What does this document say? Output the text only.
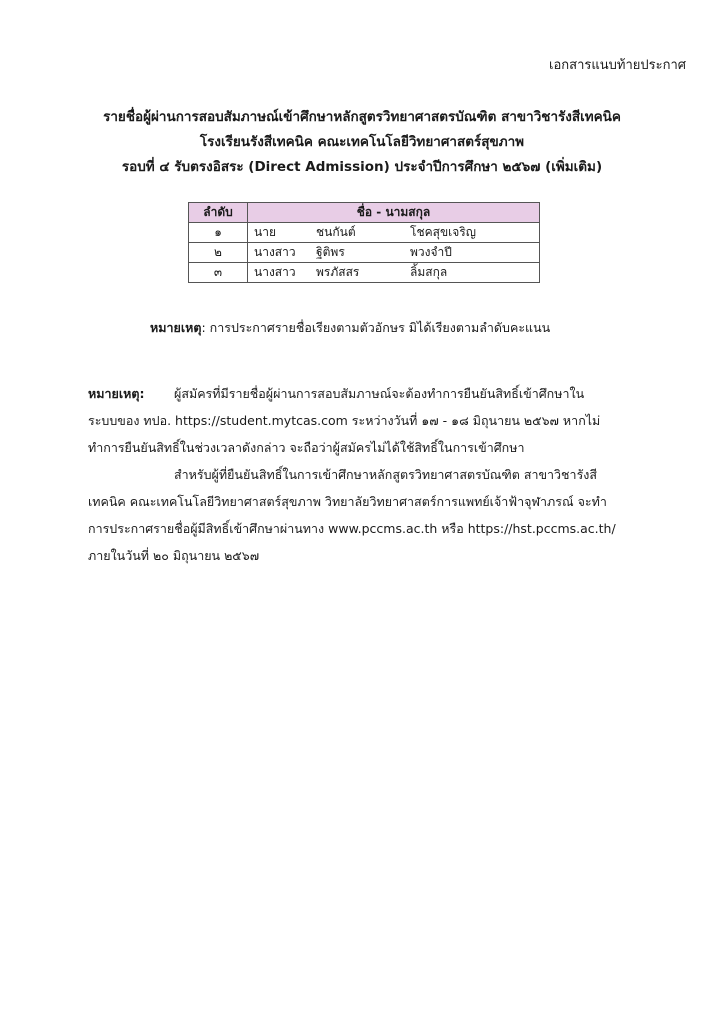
เอกสารแนบท้ายประกาศ
รายชื่อผู้ผ่านการสอบสัมภาษณ์เข้าศึกษาหลักสูตรวิทยาศาสตรบัณฑิต สาขาวิชารังสีเทคนิค
โรงเรียนรังสีเทคนิค คณะเทคโนโลยีวิทยาศาสตร์สุขภาพ
รอบที่ ๔ รับตรงอิสระ (Direct Admission) ประจำปีการศึกษา ๒๕๖๗ (เพิ่มเติม)
ลำดับ	ชื่อ - นามสกุล
๑	นาย ชนกันต์ โชคสุขเจริญ
๒	นางสาว ฐิติพร พวงจำปี
๓	นางสาว พรภัสสร ลิ้มสกุล
หมายเหตุ: การประกาศรายชื่อเรียงตามตัวอักษร มิได้เรียงตามลำดับคะแนน
หมายเหตุ: ผู้สมัครที่มีรายชื่อผู้ผ่านการสอบสัมภาษณ์จะต้องทำการยืนยันสิทธิ์เข้าศึกษาใน
ระบบของ ทปอ. https://student.mytcas.com ระหว่างวันที่ ๑๗ - ๑๘ มิถุนายน ๒๕๖๗ หากไม่
ทำการยืนยันสิทธิ์ในช่วงเวลาดังกล่าว จะถือว่าผู้สมัครไม่ได้ใช้สิทธิ์ในการเข้าศึกษา
สำหรับผู้ที่ยืนยันสิทธิ์ในการเข้าศึกษาหลักสูตรวิทยาศาสตรบัณฑิต สาขาวิชารังสี
เทคนิค คณะเทคโนโลยีวิทยาศาสตร์สุขภาพ วิทยาลัยวิทยาศาสตร์การแพทย์เจ้าฟ้าจุฬาภรณ์ จะทำ
การประกาศรายชื่อผู้มีสิทธิ์เข้าศึกษาผ่านทาง www.pccms.ac.th หรือ https://hst.pccms.ac.th/
ภายในวันที่ ๒๐ มิถุนายน ๒๕๖๗
